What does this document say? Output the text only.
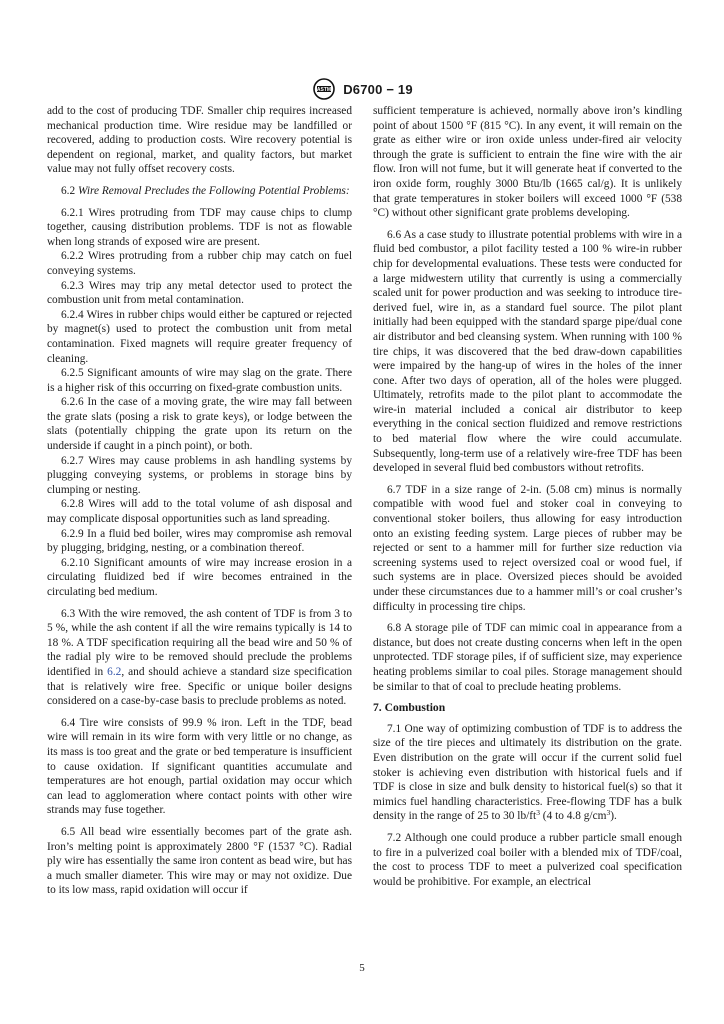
ASTM D6700 − 19

add to the cost of producing TDF. Smaller chip requires increased mechanical production time. Wire residue may be landfilled or recovered, adding to production costs. Wire recovery potential is dependent on regional, market, and quality factors, but market value may not fully offset recovery costs.

6.2 Wire Removal Precludes the Following Potential Problems:

6.2.1 Wires protruding from TDF may cause chips to clump together, causing distribution problems. TDF is not as flowable when long strands of exposed wire are present.

6.2.2 Wires protruding from a rubber chip may catch on fuel conveying systems.

6.2.3 Wires may trip any metal detector used to protect the combustion unit from metal contamination.

6.2.4 Wires in rubber chips would either be captured or rejected by magnet(s) used to protect the combustion unit from metal contamination. Fixed magnets will require greater frequency of cleaning.

6.2.5 Significant amounts of wire may slag on the grate. There is a higher risk of this occurring on fixed-grate combustion units.

6.2.6 In the case of a moving grate, the wire may fall between the grate slats (posing a risk to grate keys), or lodge between the slats (potentially chipping the grate upon its return on the underside if caught in a pinch point), or both.

6.2.7 Wires may cause problems in ash handling systems by plugging conveying systems, or problems in storage bins by clumping or nesting.

6.2.8 Wires will add to the total volume of ash disposal and may complicate disposal opportunities such as land spreading.

6.2.9 In a fluid bed boiler, wires may compromise ash removal by plugging, bridging, nesting, or a combination thereof.

6.2.10 Significant amounts of wire may increase erosion in a circulating fluidized bed if wire becomes entrained in the circulating bed medium.

6.3 With the wire removed, the ash content of TDF is from 3 to 5 %, while the ash content if all the wire remains typically is 14 to 18 %. A TDF specification requiring all the bead wire and 50 % of the radial ply wire to be removed should preclude the problems identified in 6.2, and should achieve a standard size specification that is relatively wire free. Specific or unique boiler designs considered on a case-by-case basis to preclude problems as noted.

6.4 Tire wire consists of 99.9 % iron. Left in the TDF, bead wire will remain in its wire form with very little or no change, as its mass is too great and the grate or bed temperature is insufficient to cause oxidation. If significant quantities accumulate and temperatures are hot enough, partial oxidation may occur which can lead to agglomeration where contact points with other wire strands may fuse together.

6.5 All bead wire essentially becomes part of the grate ash. Iron’s melting point is approximately 2800 °F (1537 °C). Radial ply wire has essentially the same iron content as bead wire, but has a much smaller diameter. This wire may or may not oxidize. Due to its low mass, rapid oxidation will occur if

sufficient temperature is achieved, normally above iron’s kindling point of about 1500 °F (815 °C). In any event, it will remain on the grate as either wire or iron oxide unless under-fired air velocity through the grate is sufficient to entrain the fine wire with the air flow. Iron will not fume, but it will generate heat if converted to the iron oxide form, roughly 3000 Btu/lb (1665 cal/g). It is unlikely that grate temperatures in stoker boilers will exceed 1000 °F (538 °C) without other significant grate problems developing.

6.6 As a case study to illustrate potential problems with wire in a fluid bed combustor, a pilot facility tested a 100 % wire-in rubber chip for developmental evaluations. These tests were conducted for a large midwestern utility that currently is using a commercially scaled unit for power production and was seeking to introduce tire-derived fuel, wire in, as a standard fuel source. The pilot plant initially had been equipped with the standard sparge pipe/dual cone air distributor and bed cleansing system. When running with 100 % tire chips, it was discovered that the bed draw-down capabilities were impaired by the hang-up of wires in the holes of the inner cone. After two days of operation, all of the holes were plugged. Ultimately, retrofits made to the pilot plant to accommodate the wire-in material included a conical air distributor to keep everything in the conical section fluidized and remove restrictions to bed material flow where the wire could accumulate. Subsequently, long-term use of a relatively wire-free TDF has been developed in several fluid bed combustors without retrofits.

6.7 TDF in a size range of 2-in. (5.08 cm) minus is normally compatible with wood fuel and stoker coal in conveying to conventional stoker boilers, thus allowing for easy introduction onto an existing feeding system. Large pieces of rubber may be rejected or sent to a hammer mill for further size reduction via screening systems used to reject oversized coal or wood fuel, if such systems are in place. Oversized pieces should be avoided under these circumstances due to a hammer mill’s or coal crusher’s difficulty in processing tire chips.

6.8 A storage pile of TDF can mimic coal in appearance from a distance, but does not create dusting concerns when left in the open unprotected. TDF storage piles, if of sufficient size, may experience heating problems similar to coal piles. Storage management should be similar to that of coal to preclude heating problems.

7. Combustion

7.1 One way of optimizing combustion of TDF is to address the size of the tire pieces and ultimately its distribution on the grate. Even distribution on the grate will occur if the current solid fuel stoker is achieving even distribution with historical fuels and if TDF is close in size and bulk density to historical fuel(s) so that it mimics fuel handling characteristics. Free-flowing TDF has a bulk density in the range of 25 to 30 $lb/ft^3$ (4 to 4.8 $g/cm^3$).

7.2 Although one could produce a rubber particle small enough to fire in a pulverized coal boiler with a blended mix of TDF/coal, the cost to process TDF to meet a pulverized coal specification would be prohibitive. For example, an electrical

5
